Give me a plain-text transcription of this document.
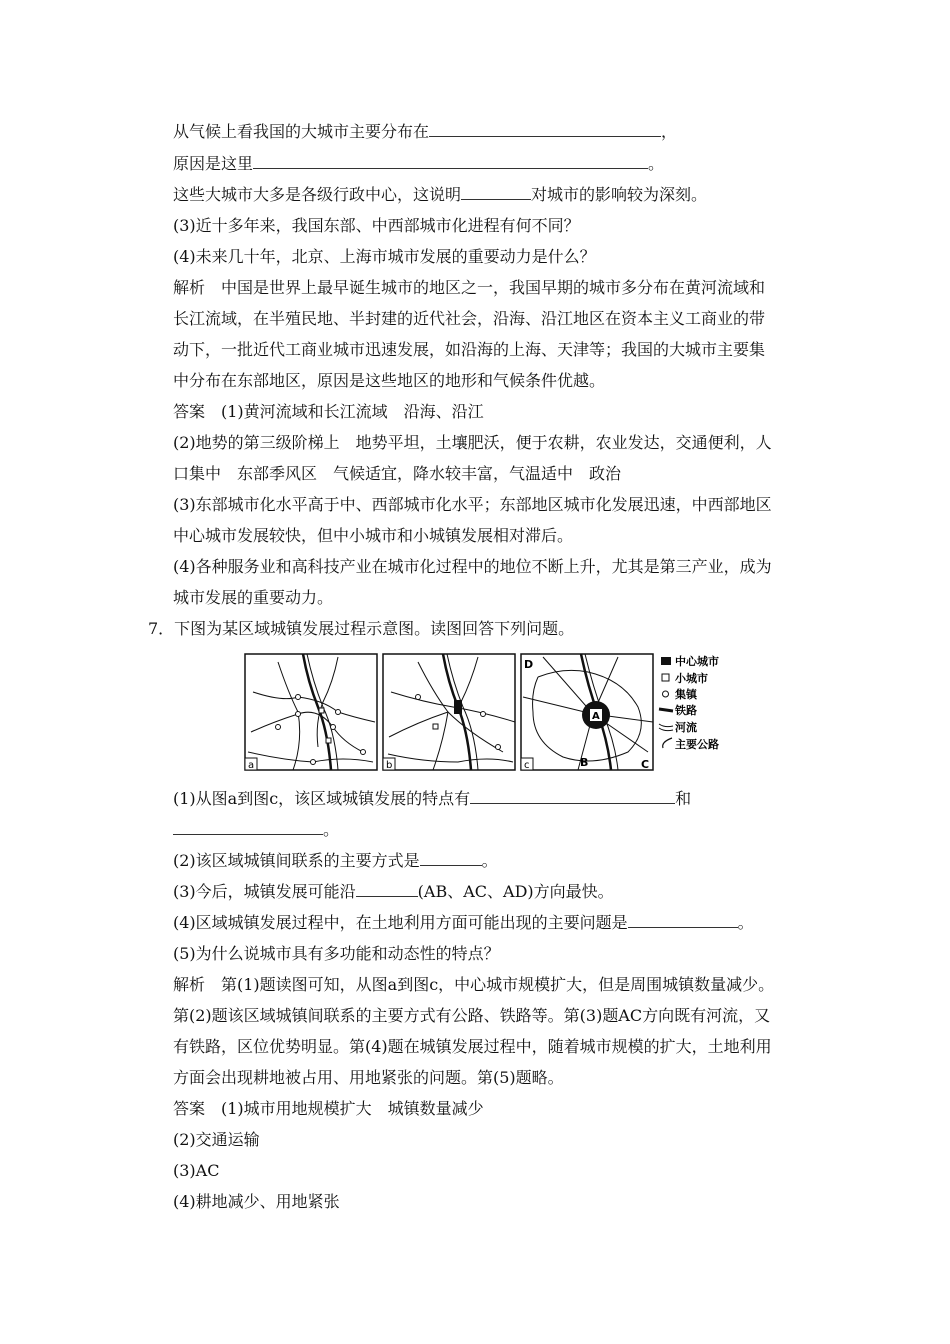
从气候上看我国的大城市主要分布在	，
原因是这里	。
这些大城市大多是各级行政中心，这说明	对城市的影响较为深刻。
(3)近十多年来，我国东部、中西部城市化进程有何不同？
(4)未来几十年，北京、上海市城市发展的重要动力是什么？
解析　中国是世界上最早诞生城市的地区之一，我国早期的城市多分布在黄河流域和
长江流域，在半殖民地、半封建的近代社会，沿海、沿江地区在资本主义工商业的带
动下，一批近代工商业城市迅速发展，如沿海的上海、天津等；我国的大城市主要集
中分布在东部地区，原因是这些地区的地形和气候条件优越。
答案　(1)黄河流域和长江流域　沿海、沿江
(2)地势的第三级阶梯上　地势平坦，土壤肥沃，便于农耕，农业发达，交通便利，人
口集中　东部季风区　气候适宜，降水较丰富，气温适中　政治
(3)东部城市化水平高于中、西部城市化水平；东部地区城市化发展迅速，中西部地区
中心城市发展较快，但中小城市和小城镇发展相对滞后。
(4)各种服务业和高科技产业在城市化过程中的地位不断上升，尤其是第三产业，成为
城市发展的重要动力。
7．下图为某区域城镇发展过程示意图。读图回答下列问题。
a	b
A
c
D
B	C
中心城市
小城市
集镇
铁路
河流
主要公路
(1)从图a到图c，该区域城镇发展的特点有	和
。
(2)该区域城镇间联系的主要方式是	。
(3)今后，城镇发展可能沿	(AB、AC、AD)方向最快。
(4)区域城镇发展过程中，在土地利用方面可能出现的主要问题是	。
(5)为什么说城市具有多功能和动态性的特点？
解析　第(1)题读图可知，从图a到图c，中心城市规模扩大，但是周围城镇数量减少。
第(2)题该区域城镇间联系的主要方式有公路、铁路等。第(3)题AC方向既有河流，又
有铁路，区位优势明显。第(4)题在城镇发展过程中，随着城市规模的扩大，土地利用
方面会出现耕地被占用、用地紧张的问题。第(5)题略。
答案　(1)城市用地规模扩大　城镇数量减少
(2)交通运输
(3)AC
(4)耕地减少、用地紧张
